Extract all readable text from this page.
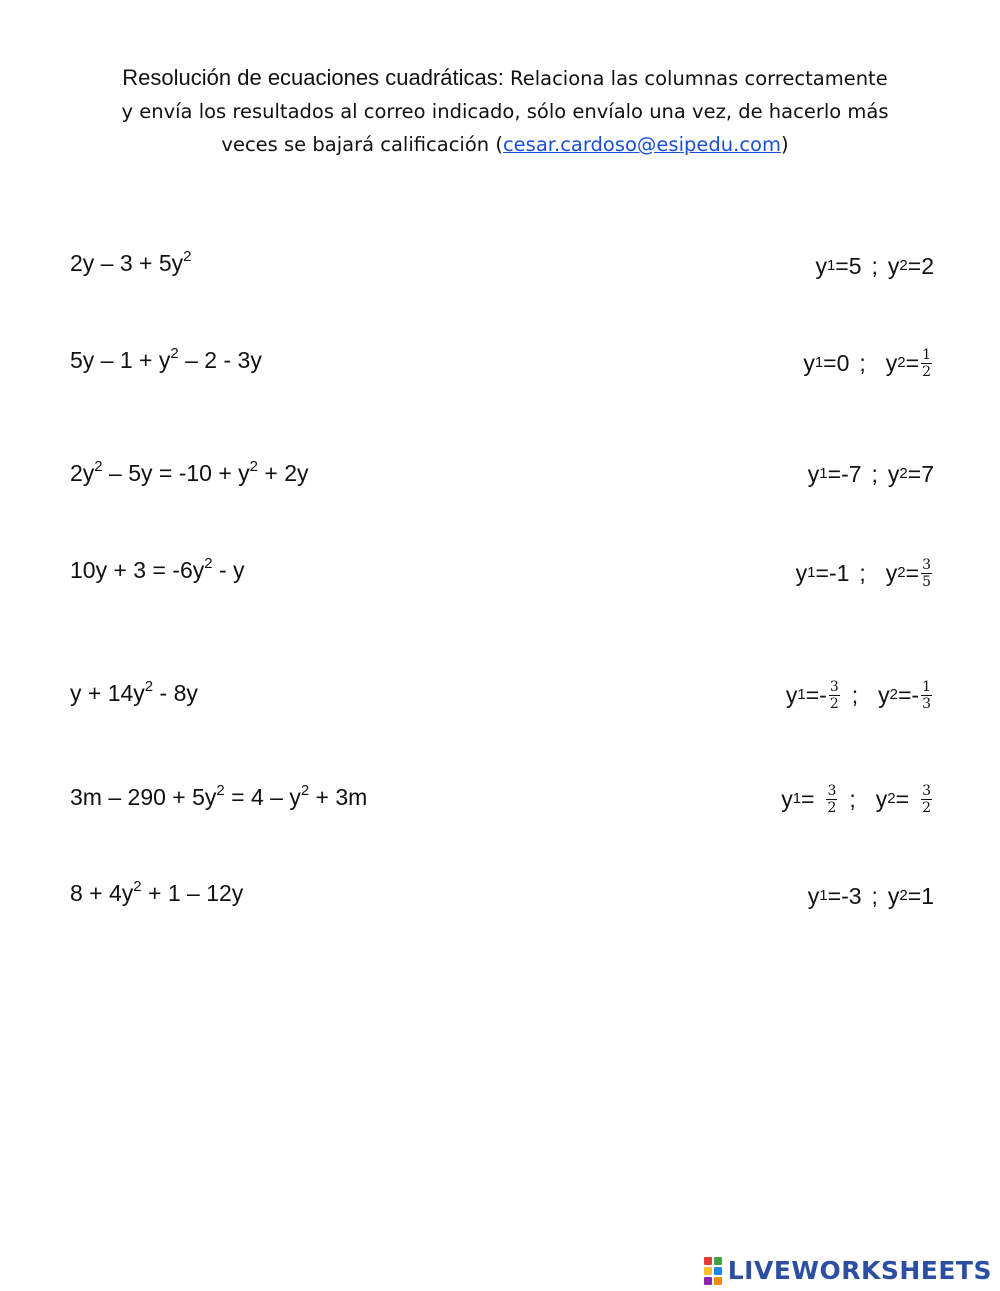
Resolución de ecuaciones cuadráticas: Relaciona las columnas correctamente
y envía los resultados al correo indicado, sólo envíalo una vez, de hacerlo más
veces se bajará calificación (cesar.cardoso@esipedu.com)
$2y - 3 + 5y^2$
$5y - 1 + y^2 - 2 - 3y$
$2y^2 - 5y = -10 + y^2 + 2y$
$10y + 3 = -6y^2 - y$
$y + 14y^2 - 8y$
$3m - 290 + 5y^2 = 4 - y^2 + 3m$
$8 + 4y^2 + 1 - 12y$
y 1 = 5 ; y 2 = 2
y 1 = 0 ; y $2 = \frac{1}{2}$
y 1 = -7 ; y 2 = 7
y 1 = -1 ; y $2 = \frac{3}{5}$
y 1 = - $\frac{3}{2}$ ; y 2 = - $\frac{1}{3}$
y $1 = \frac{3}{2}$ ; y $2 = \frac{3}{2}$
y 1 = -3 ; y 2 = 1
LIVEWORKSHEETS
